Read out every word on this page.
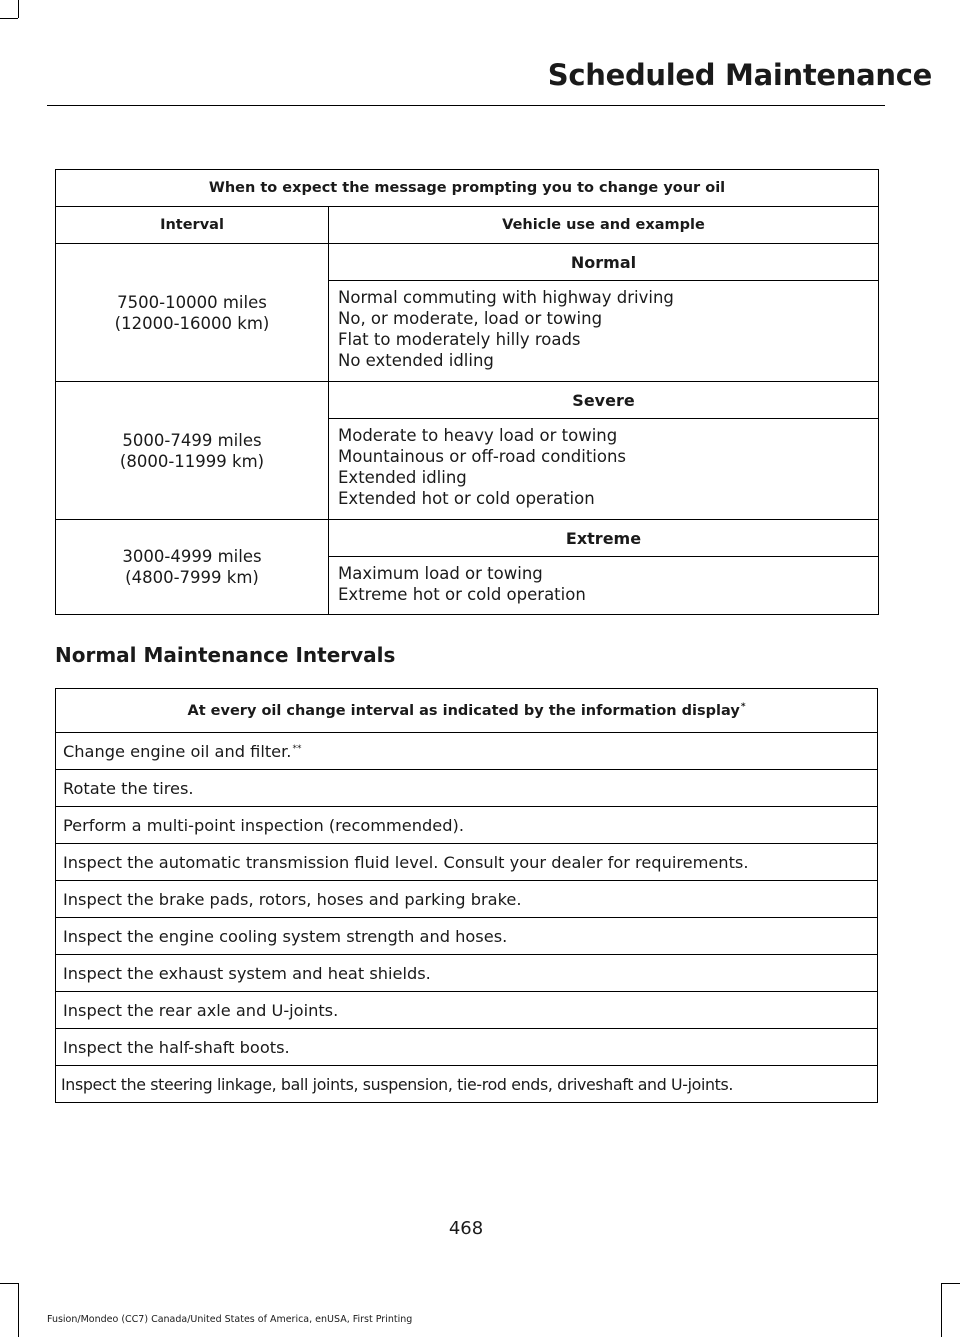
Scheduled Maintenance
When to expect the message prompting you to change your oil	
Interval	Vehicle use and example

7500-10000 miles
(12000-16000 km)	Normal

	Normal commuting with highway driving
No, or moderate, load or towing
Flat to moderately hilly roads
No extended idling

5000-7499 miles
(8000-11999 km)	Severe

	Moderate to heavy load or towing
Mountainous or off-road conditions
Extended idling
Extended hot or cold operation

3000-4999 miles
(4800-7999 km)	Extreme

	Maximum load or towing
Extreme hot or cold operation
Normal Maintenance Intervals
At every oil change interval as indicated by the information display*
Change engine oil and filter.**
Rotate the tires.
Perform a multi-point inspection (recommended).
Inspect the automatic transmission fluid level. Consult your dealer for requirements.
Inspect the brake pads, rotors, hoses and parking brake.
Inspect the engine cooling system strength and hoses.
Inspect the exhaust system and heat shields.
Inspect the rear axle and U-joints.
Inspect the half-shaft boots.
Inspect the steering linkage, ball joints, suspension, tie-rod ends, driveshaft and U-joints.
468
Fusion/Mondeo (CC7) Canada/United States of America, enUSA, First Printing
